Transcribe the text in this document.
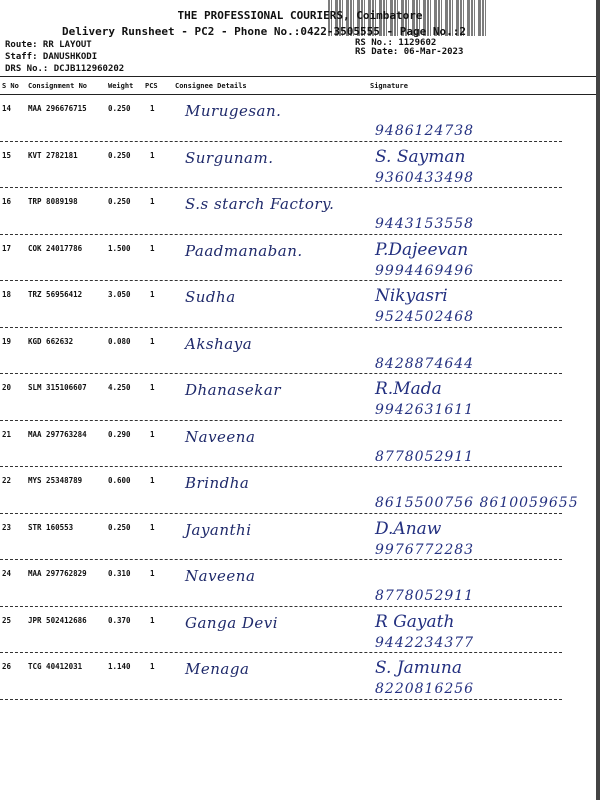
THE PROFESSIONAL COURIERS, Coimbatore
Delivery Runsheet - PC2 - Phone No.:0422-3505555 - Page No.:2
Route: RR LAYOUT
Staff: DANUSHKODI
DRS No.: DCJB112960202
RS No.: 1129602
RS Date: 06-Mar-2023
S No Consignment No	Weight PCS Consignee Details	Signature
14 MAA 296676715	0.250	1 Murugesan.

9486124738
15 KVT 2782181	0.250	1 Surgunam.	S. Sayman
9360433498
16 TRP 8089198	0.250	1 S.s starch Factory.

9443153558
17 COK 24017786	1.500	1 Paadmanaban.	P.Dajeevan
9994469496
18 TRZ 56956412	3.050	1 Sudha	Nikyasri
9524502468
19 KGD 662632	0.080	1 Akshaya

8428874644
20 SLM 315106607	4.250	1 Dhanasekar	R.Mada
9942631611
21 MAA 297763284	0.290	1 Naveena

8778052911
22 MYS 25348789	0.600	1 Brindha

8615500756 8610059655
23 STR 160553	0.250	1 Jayanthi	D.Anaw
9976772283
24 MAA 297762829	0.310	1 Naveena

8778052911
25 JPR 502412686	0.370	1 Ganga Devi	R Gayath
9442234377
26 TCG 40412031	1.140	1 Menaga	S. Jamuna
8220816256
